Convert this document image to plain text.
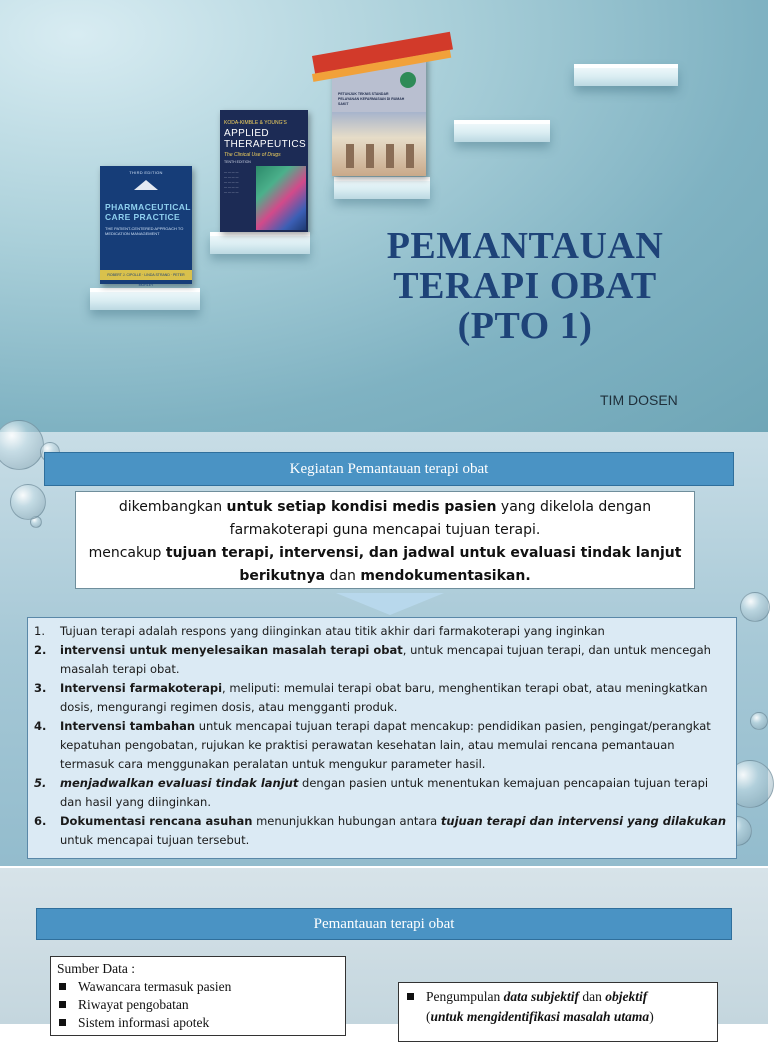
THIRD EDITION
PHARMACEUTICAL CARE PRACTICE
THE PATIENT-CENTERED APPROACH TO MEDICATION MANAGEMENT
ROBERT J. CIPOLLE · LINDA STRAND · PETER MORLEY
KODA-KIMBLE & YOUNG'S
APPLIED THERAPEUTICS
The Clinical Use of Drugs
TENTH EDITION
— — — —
— — — —
— — — —
— — — —
— — — —
PETUNJUK TEKNIS STANDAR PELAYANAN KEFARMASIAN DI RUMAH SAKIT
PEMANTAUAN
TERAPI OBAT
(PTO 1)
TIM DOSEN
Kegiatan Pemantauan terapi obat
dikembangkan untuk setiap kondisi medis pasien yang dikelola dengan farmakoterapi guna mencapai tujuan terapi.
mencakup tujuan terapi, intervensi, dan jadwal untuk evaluasi tindak lanjut berikutnya dan mendokumentasikan.
1.	Tujuan terapi adalah respons yang diinginkan atau titik akhir dari farmakoterapi yang inginkan
2.	intervensi untuk menyelesaikan masalah terapi obat, untuk mencapai tujuan terapi, dan untuk mencegah masalah terapi obat.
3.	Intervensi farmakoterapi, meliputi: memulai terapi obat baru, menghentikan terapi obat, atau meningkatkan dosis, mengurangi regimen dosis, atau mengganti produk.
4.	Intervensi tambahan untuk mencapai tujuan terapi dapat mencakup: pendidikan pasien, pengingat/perangkat kepatuhan pengobatan, rujukan ke praktisi perawatan kesehatan lain, atau memulai rencana pemantauan termasuk cara menggunakan peralatan untuk mengukur parameter hasil.
5.	menjadwalkan evaluasi tindak lanjut dengan pasien untuk menentukan kemajuan pencapaian tujuan terapi dan hasil yang diinginkan.
6.	Dokumentasi rencana asuhan menunjukkan hubungan antara tujuan terapi dan intervensi yang dilakukan untuk mencapai tujuan tersebut.
Pemantauan terapi obat
Sumber Data :
Wawancara termasuk pasien
Riwayat pengobatan
Sistem informasi apotek
Pengumpulan data subjektif dan objektif
(untuk mengidentifikasi masalah utama)
